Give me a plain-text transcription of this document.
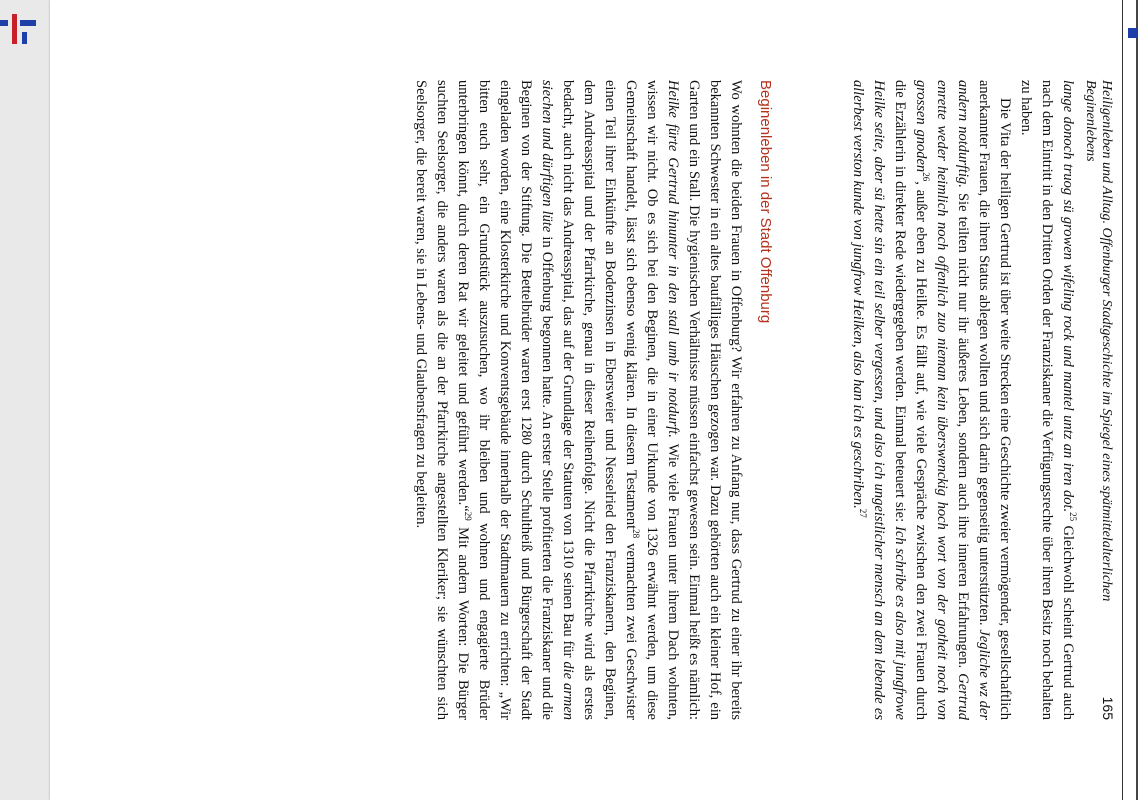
Heiligenleben und Alltag. Offenburger Stadtgeschichte im Spiegel eines spätmittelalterlichen Beginenlebens
165

lange donoch truog sü growen wifeling rock und mantel untz an iren dot.$^{25}$ Gleichwohl scheint Gertrud auch nach dem Eintritt in den Dritten Orden der Franziskaner die Verfügungsrechte über ihren Besitz noch behalten zu haben.

Die Vita der heiligen Gertrud ist über weite Strecken eine Geschichte zweier vermögender, gesellschaftlich anerkannter Frauen, die ihren Status ablegen wollten und sich darin gegenseitig unterstützten. Jegliche wz der andern notdurftig. Sie teilten nicht nur ihr äußeres Leben, sondern auch ihre inneren Erfahrungen. Gertrud enrette weder heimlich noch offenlich zuo nieman kein überswenckig hoch wort von der gotheit noch von grossen gnoden$^{26}$, außer eben zu Heilke. Es fällt auf, wie viele Gespräche zwischen den zwei Frauen durch die Erzählerin in direkter Rede wiedergegeben werden. Einmal beteuert sie: Ich schribe es also mit jungfrowe Heilke seite, aber sü hette sin ein teil selber vergessen, und also ich ungeistlicher mensch an dem lebende es allerbest verston kunde von jungfrow Heilken, also han ich es geschriben.$^{27}$

Beginenleben in der Stadt Offenburg

Wo wohnten die beiden Frauen in Offenburg? Wir erfahren zu Anfang nur, dass Gertrud zu einer ihr bereits bekannten Schwester in ein altes baufälliges Häuschen gezogen war. Dazu gehörten auch ein kleiner Hof, ein Garten und ein Stall. Die hygienischen Verhältnisse müssen einfachst gewesen sein. Einmal heißt es nämlich: Heilke fürte Gertrud hinunter in den stall umb ir notdurft. Wie viele Frauen unter ihrem Dach wohnten, wissen wir nicht. Ob es sich bei den Beginen, die in einer Urkunde von 1326 erwähnt werden, um diese Gemeinschaft handelt, lässt sich ebenso wenig klären. In diesem Testament$^{28}$ vermachten zwei Geschwister einen Teil ihrer Einkünfte an Bodenzinsen in Ebersweier und Nesselried den Franziskanern, den Beginen, dem Andreasspital und der Pfarrkirche, genau in dieser Reihenfolge. Nicht die Pfarrkirche wird als erstes bedacht, auch nicht das Andreasspital, das auf der Grundlage der Statuten von 1310 seinen Bau für die armen siechen und dürftigen lüte in Offenburg begonnen hatte. An erster Stelle profitierten die Franziskaner und die Beginen von der Stiftung. Die Bettelbrüder waren erst 1280 durch Schultheiß und Bürgerschaft der Stadt eingeladen worden, eine Klosterkirche und Konventsgebäude innerhalb der Stadtmauern zu errichten: „Wir bitten euch sehr, ein Grundstück auszusuchen, wo ihr bleiben und wohnen und engagierte Brüder unterbringen könnt, durch deren Rat wir geleitet und geführt werden.“$^{29}$ Mit andern Worten: Die Bürger suchten Seelsorger, die anders waren als die an der Pfarrkirche angestellten Kleriker; sie wünschten sich Seelsorger, die bereit waren, sie in Lebens- und Glaubensfragen zu begleiten.
